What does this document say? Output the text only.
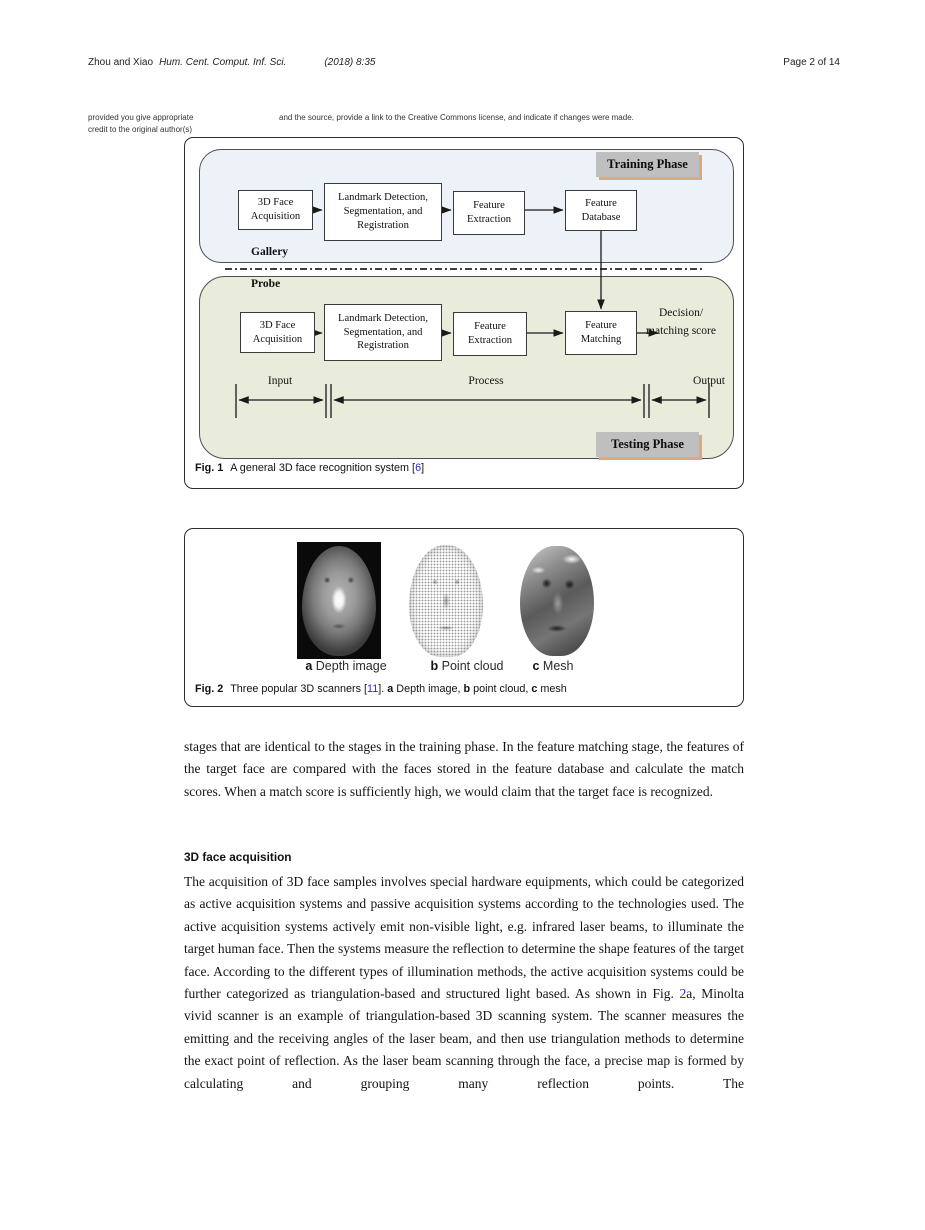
Zhou and Xiao Hum. Cent. Comput. Inf. Sci.	(2018) 8:35	Page 2 of 14
provided you give appropriate
credit to the original author(s)
and the source, provide a link to the Creative Commons license, and indicate if changes were made.
Training Phase
Testing Phase
3D Face Acquisition
Landmark Detection, Segmentation, and Registration
Feature Extraction
Feature Database
Gallery
Probe
3D Face Acquisition
Landmark Detection, Segmentation, and Registration
Feature Extraction
Feature Matching
Decision/ matching score
Input	Process	Output
Fig. 1 A general 3D face recognition system [6]
a Depth image	b Point cloud	c Mesh
Fig. 2 Three popular 3D scanners [11]. a Depth image, b point cloud, c mesh

stages that are identical to the stages in the training phase. In the feature matching stage, the features of the target face are compared with the faces stored in the feature database and calculate the match scores. When a match score is sufficiently high, we would claim that the target face is recognized.

3D face acquisition

The acquisition of 3D face samples involves special hardware equipments, which could be categorized as active acquisition systems and passive acquisition systems according to the technologies used. The active acquisition systems actively emit non-visible light, e.g. infrared laser beams, to illuminate the target human face. Then the systems measure the reflection to determine the shape features of the target face. According to the different types of illumination methods, the active acquisition systems could be further categorized as triangulation-based and structured light based. As shown in Fig. 2a, Minolta vivid scanner is an example of triangulation-based 3D scanning system. The scanner measures the emitting and the receiving angles of the laser beam, and then use triangulation methods to determine the exact point of reflection. As the laser beam scanning through the face, a precise map is formed by calculating and grouping many reflection points. The
